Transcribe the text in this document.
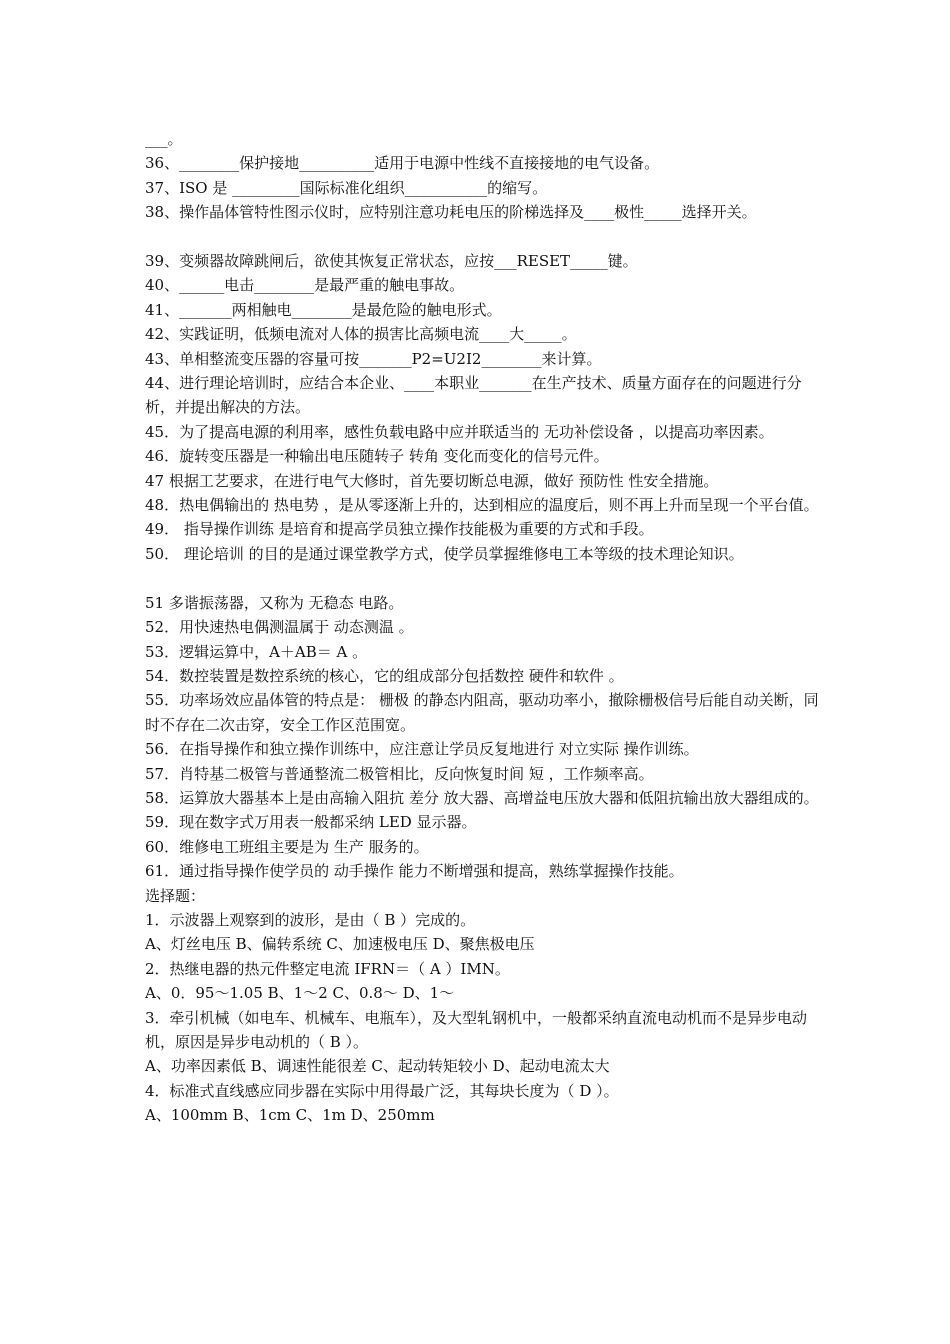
___。
36、________保护接地__________适用于电源中性线不直接接地的电气设备。
37、ISO 是 _________国际标准化组织___________的缩写。
38、操作晶体管特性图示仪时，应特别注意功耗电压的阶梯选择及____极性_____选择开关。
39、变频器故障跳闸后，欲使其恢复正常状态，应按___RESET_____键。
40、______电击________是最严重的触电事故。
41、_______两相触电________是最危险的触电形式。
42、实践证明，低频电流对人体的损害比高频电流____大_____。
43、单相整流变压器的容量可按_______P2=U2I2________来计算。
44、进行理论培训时，应结合本企业、____本职业_______在生产技术、质量方面存在的问题进行分析，并提出解决的方法。
45．为了提高电源的利用率，感性负载电路中应并联适当的 无功补偿设备 ，以提高功率因素。
46．旋转变压器是一种输出电压随转子 转角 变化而变化的信号元件。
47 根据工艺要求，在进行电气大修时，首先要切断总电源，做好 预防性 性安全措施。
48．热电偶输出的 热电势 ，是从零逐渐上升的，达到相应的温度后，则不再上升而呈现一个平台值。
49． 指导操作训练 是培育和提高学员独立操作技能极为重要的方式和手段。
50． 理论培训 的目的是通过课堂教学方式，使学员掌握维修电工本等级的技术理论知识。
51 多谐振荡器，又称为 无稳态 电路。
52．用快速热电偶测温属于 动态测温 。
53．逻辑运算中，A＋AB＝ A 。
54．数控装置是数控系统的核心，它的组成部分包括数控 硬件和软件 。
55．功率场效应晶体管的特点是： 栅极 的静态内阻高，驱动功率小，撤除栅极信号后能自动关断，同时不存在二次击穿，安全工作区范围宽。
56．在指导操作和独立操作训练中，应注意让学员反复地进行 对立实际 操作训练。
57．肖特基二极管与普通整流二极管相比，反向恢复时间 短 ，工作频率高。
58．运算放大器基本上是由高输入阻抗 差分 放大器、高增益电压放大器和低阻抗输出放大器组成的。
59．现在数字式万用表一般都采纳 LED 显示器。
60．维修电工班组主要是为 生产 服务的。
61．通过指导操作使学员的 动手操作 能力不断增强和提高，熟练掌握操作技能。
选择题：
1．示波器上观察到的波形，是由（ B ）完成的。
A、灯丝电压 B、偏转系统 C、加速极电压 D、聚焦极电压
2．热继电器的热元件整定电流 IFRN＝（ A ）IMN。
A、0．95～1.05 B、1～2 C、0.8～ D、1～
3．牵引机械（如电车、机械车、电瓶车），及大型轧钢机中，一般都采纳直流电动机而不是异步电动机，原因是异步电动机的（ B ）。
A、功率因素低 B、调速性能很差 C、起动转矩较小 D、起动电流太大
4．标准式直线感应同步器在实际中用得最广泛，其每块长度为（ D ）。
A、100mm B、1cm C、1m D、250mm
